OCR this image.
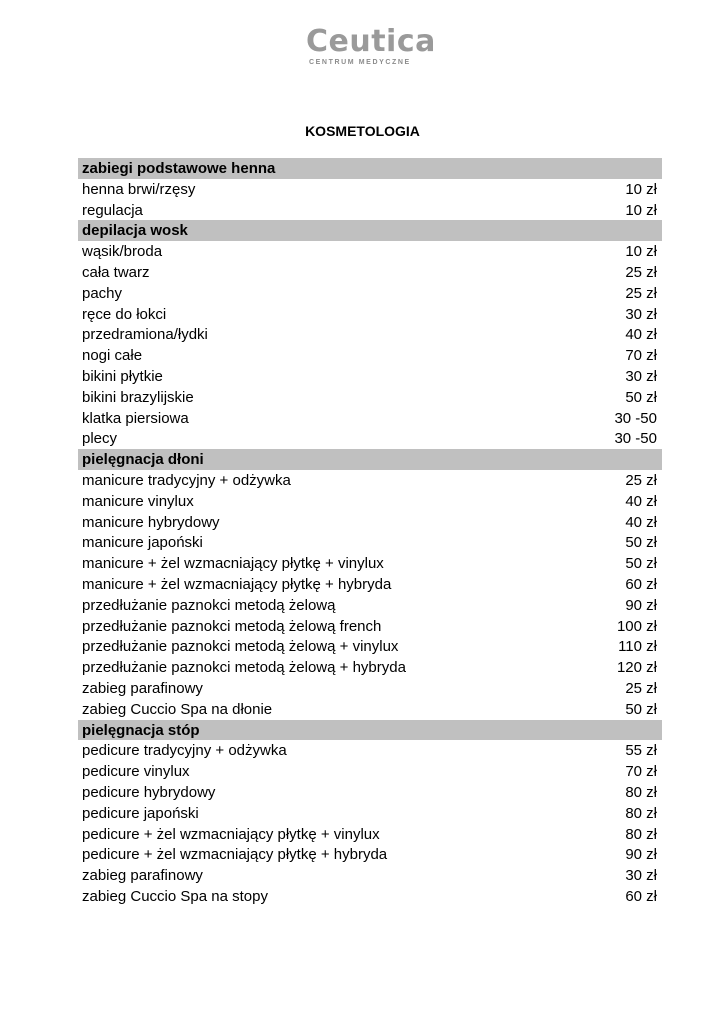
Ceutica
CENTRUM MEDYCZNE
KOSMETOLOGIA
zabiegi podstawowe henna
henna brwi/rzęsy	10 zł
regulacja	10 zł
depilacja wosk
wąsik/broda	10 zł
cała twarz	25 zł
pachy	25 zł
ręce do łokci	30 zł
przedramiona/łydki	40 zł
nogi całe	70 zł
bikini płytkie	30 zł
bikini brazylijskie	50 zł
klatka piersiowa	30 -50
plecy	30 -50
pielęgnacja dłoni
manicure tradycyjny + odżywka	25 zł
manicure vinylux	40 zł
manicure hybrydowy	40 zł
manicure japoński	50 zł
manicure + żel wzmacniający płytkę + vinylux	50 zł
manicure + żel wzmacniający płytkę + hybryda	60 zł
przedłużanie paznokci metodą żelową	90 zł
przedłużanie paznokci metodą żelową french	100 zł
przedłużanie paznokci metodą żelową + vinylux	110 zł
przedłużanie paznokci metodą żelową + hybryda	120 zł
zabieg parafinowy	25 zł
zabieg Cuccio Spa na dłonie	50 zł
pielęgnacja stóp
pedicure tradycyjny + odżywka	55 zł
pedicure vinylux	70 zł
pedicure hybrydowy	80 zł
pedicure japoński	80 zł
pedicure + żel wzmacniający płytkę + vinylux	80 zł
pedicure + żel wzmacniający płytkę + hybryda	90 zł
zabieg parafinowy	30 zł
zabieg Cuccio Spa na stopy	60 zł
